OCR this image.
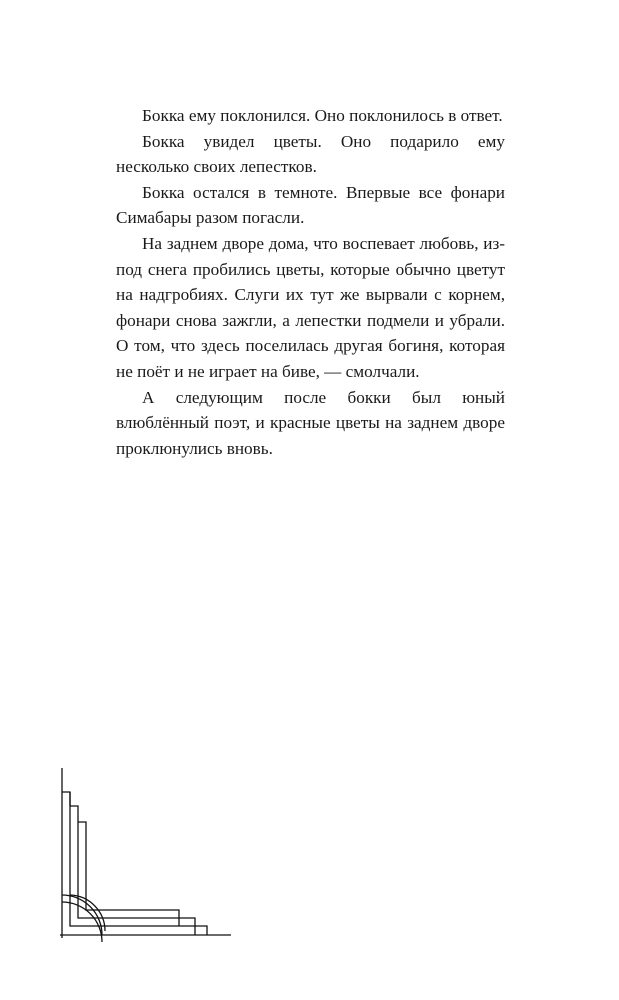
Бокка ему поклонился. Оно поклонилось в ответ.

Бокка увидел цветы. Оно подарило ему несколько своих лепестков.

Бокка остался в темноте. Впервые все фонари Симабары разом погасли.

На заднем дворе дома, что воспевает любовь, из-под снега пробились цветы, которые обычно цветут на надгробиях. Слуги их тут же вырвали с корнем, фонари снова зажгли, а лепестки подмели и убрали. О том, что здесь поселилась другая богиня, которая не поёт и не играет на биве, — смолчали.

А следующим после бокки был юный влюблённый поэт, и красные цветы на заднем дворе проклюнулись вновь.
